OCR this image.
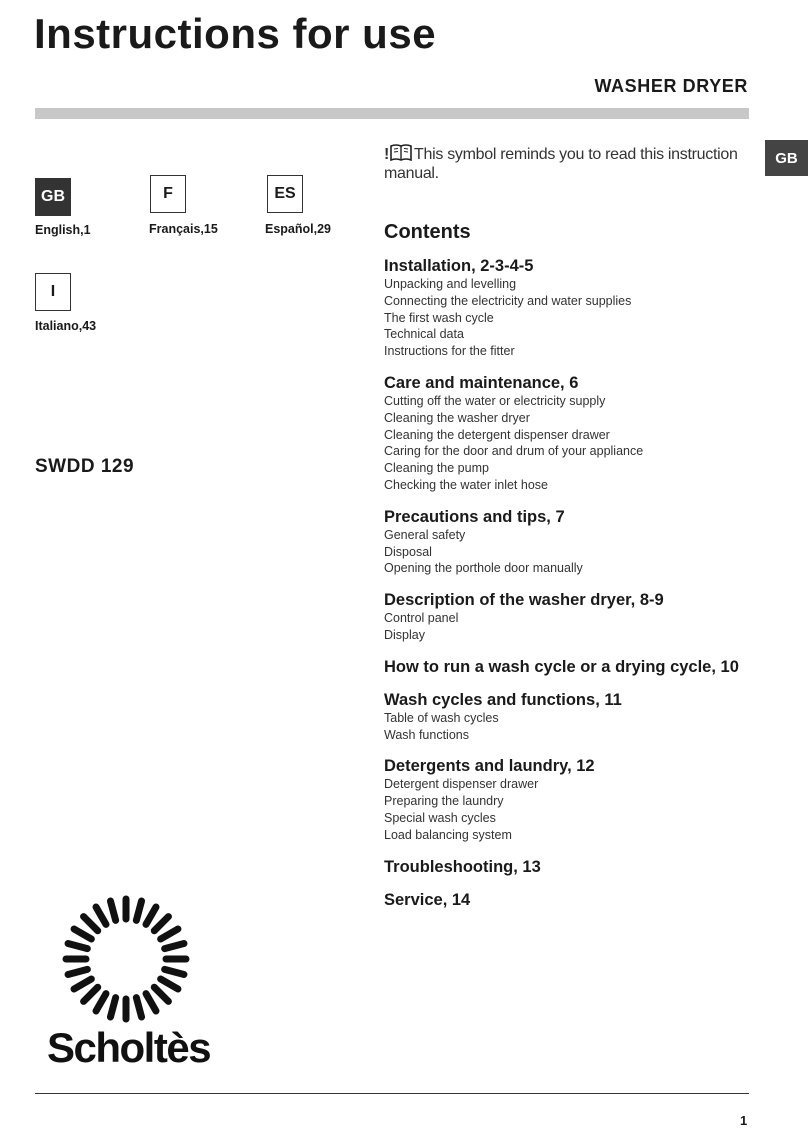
Instructions for use
WASHER DRYER
GB
GB
English,1
F
Français,15
ES
Español,29
I
Italiano,43
SWDD 129
! This symbol reminds you to read this instruction manual.
Contents
Installation, 2-3-4-5
Unpacking and levelling
Connecting the electricity and water supplies
The first wash cycle
Technical data
Instructions for the fitter
Care and maintenance, 6
Cutting off the water or electricity supply
Cleaning the washer dryer
Cleaning the detergent dispenser drawer
Caring for the door and drum of your appliance
Cleaning the pump
Checking the water inlet hose
Precautions and tips, 7
General safety
Disposal
Opening the porthole door manually
Description of the washer dryer, 8-9
Control panel
Display
How to run a wash cycle or a drying cycle, 10
Wash cycles and functions, 11
Table of wash cycles
Wash functions
Detergents and laundry, 12
Detergent dispenser drawer
Preparing the laundry
Special wash cycles
Load balancing system
Troubleshooting, 13
Service, 14
Scholtès
1
